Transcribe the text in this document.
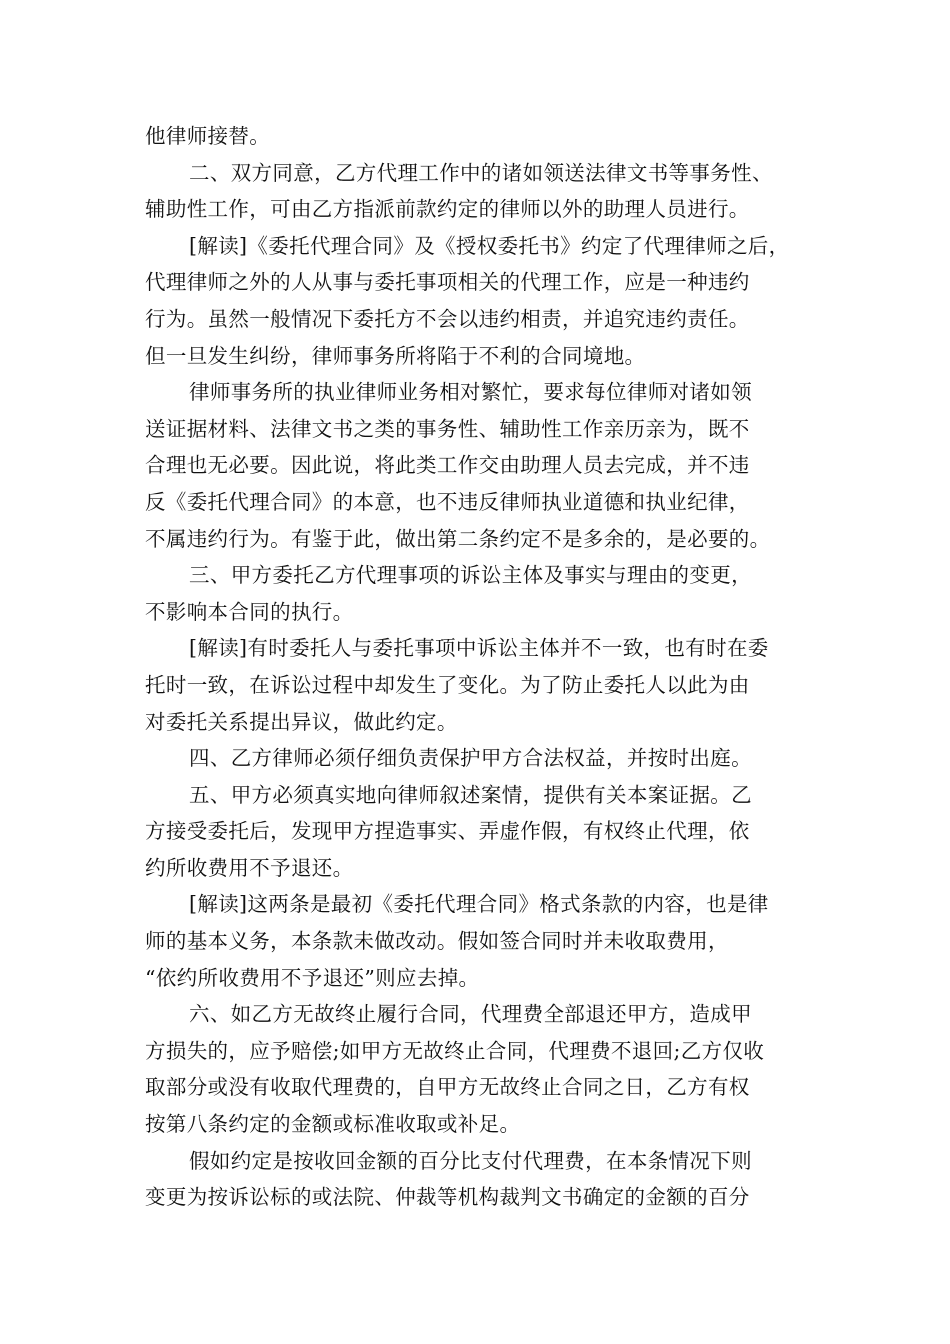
他律师接替。
二、双方同意，乙方代理工作中的诸如领送法律文书等事务性、
辅助性工作，可由乙方指派前款约定的律师以外的助理人员进行。
[解读]《委托代理合同》及《授权委托书》约定了代理律师之后，
代理律师之外的人从事与委托事项相关的代理工作，应是一种违约
行为。虽然一般情况下委托方不会以违约相责，并追究违约责任。
但一旦发生纠纷，律师事务所将陷于不利的合同境地。
律师事务所的执业律师业务相对繁忙，要求每位律师对诸如领
送证据材料、法律文书之类的事务性、辅助性工作亲历亲为，既不
合理也无必要。因此说，将此类工作交由助理人员去完成，并不违
反《委托代理合同》的本意，也不违反律师执业道德和执业纪律，
不属违约行为。有鉴于此，做出第二条约定不是多余的，是必要的。
三、甲方委托乙方代理事项的诉讼主体及事实与理由的变更，
不影响本合同的执行。
[解读]有时委托人与委托事项中诉讼主体并不一致，也有时在委
托时一致，在诉讼过程中却发生了变化。为了防止委托人以此为由
对委托关系提出异议，做此约定。
四、乙方律师必须仔细负责保护甲方合法权益，并按时出庭。
五、甲方必须真实地向律师叙述案情，提供有关本案证据。乙
方接受委托后，发现甲方捏造事实、弄虚作假，有权终止代理，依
约所收费用不予退还。
[解读]这两条是最初《委托代理合同》格式条款的内容，也是律
师的基本义务，本条款未做改动。假如签合同时并未收取费用，
“依约所收费用不予退还”则应去掉。
六、如乙方无故终止履行合同，代理费全部退还甲方，造成甲
方损失的，应予赔偿;如甲方无故终止合同，代理费不退回;乙方仅收
取部分或没有收取代理费的，自甲方无故终止合同之日，乙方有权
按第八条约定的金额或标准收取或补足。
假如约定是按收回金额的百分比支付代理费，在本条情况下则
变更为按诉讼标的或法院、仲裁等机构裁判文书确定的金额的百分
